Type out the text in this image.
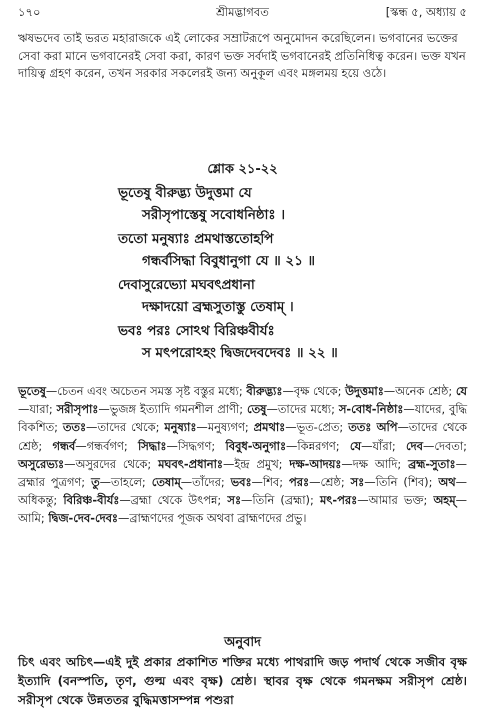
১৭০	শ্রীমদ্ভাগবত	[স্কন্ধ ৫, অধ্যায় ৫
ঋষভদেব তাই ভরত মহারাজকে এই লোকের সম্রাটরূপে অনুমোদন করেছিলেন। ভগবানের ভক্তের সেবা করা মানে ভগবানেরই সেবা করা, কারণ ভক্ত সর্বদাই ভগবানেরই প্রতিনিধিত্ব করেন। ভক্ত যখন দায়িত্ব গ্রহণ করেন, তখন সরকার সকলেরই জন্য অনুকূল এবং মঙ্গলময় হয়ে ওঠে।
শ্লোক ২১-২২
ভূতেষু বীরুদ্ভ্য উদুত্তমা যে
সরীসৃপাস্তেষু সবোধনিষ্ঠাঃ ।
ততো মনুষ্যাঃ প্রমথাস্ততোহপি
গন্ধর্বসিদ্ধা বিবুধানুগা যে ॥ ২১ ॥
দেবাসুরেভ্যো মঘবৎপ্রধানা
দক্ষাদয়ো ব্রহ্মসুতাস্তু তেষাম্ ।
ভবঃ পরঃ সোঽথ বিরিঞ্চবীর্যঃ
স মৎপরোঽহং দ্বিজদেবদেবঃ ॥ ২২ ॥
ভূতেষু—চেতন এবং অচেতন সমস্ত সৃষ্ট বস্তুর মধ্যে; বীরুদ্ভ্যঃ—বৃক্ষ থেকে; উদুত্তমাঃ—অনেক শ্রেষ্ঠ; যে—যারা; সরীসৃপাঃ—ভুজঙ্গ ইত্যাদি গমনশীল প্রাণী; তেষু—তাদের মধ্যে; স-বোধ-নিষ্ঠাঃ—যাদের, বুদ্ধি বিকশিত; ততঃ—তাদের থেকে; মনুষ্যাঃ—মনুষ্যগণ; প্রমথাঃ—ভূত-প্রেত; ততঃ অপি—তাদের থেকে শ্রেষ্ঠ; গন্ধর্ব—গন্ধর্বগণ; সিদ্ধাঃ—সিদ্ধগণ; বিবুধ-অনুগাঃ—কিন্নরগণ; যে—যাঁরা; দেব—দেবতা; অসুরেভ্যঃ—অসুরদের থেকে; মঘবৎ-প্রধানাঃ—ইন্দ্র প্রমুখ; দক্ষ-আদয়ঃ—দক্ষ আদি; ব্রহ্ম-সুতাঃ—ব্রহ্মার পুত্রগণ; তু—তাহলে; তেষাম্—তাঁদের; ভবঃ—শিব; পরঃ—শ্রেষ্ঠ; সঃ—তিনি (শিব); অথ—অধিকন্তু; বিরিঞ্চ-বীর্যঃ—ব্রহ্মা থেকে উৎপন্ন; সঃ—তিনি (ব্রহ্মা); মৎ-পরঃ—আমার ভক্ত; অহম্—আমি; দ্বিজ-দেব-দেবঃ—ব্রাহ্মণদের পূজক অথবা ব্রাহ্মণদের প্রভু।
অনুবাদ
চিৎ এবং অচিৎ—এই দুই প্রকার প্রকাশিত শক্তির মধ্যে পাথরাদি জড় পদার্থ থেকে সজীব বৃক্ষ ইত্যাদি (বনস্পতি, তৃণ, গুল্ম এবং বৃক্ষ) শ্রেষ্ঠ। স্থাবর বৃক্ষ থেকে গমনক্ষম সরীসৃপ শ্রেষ্ঠ। সরীসৃপ থেকে উন্নততর বুদ্ধিমত্তাসম্পন্ন পশুরা
